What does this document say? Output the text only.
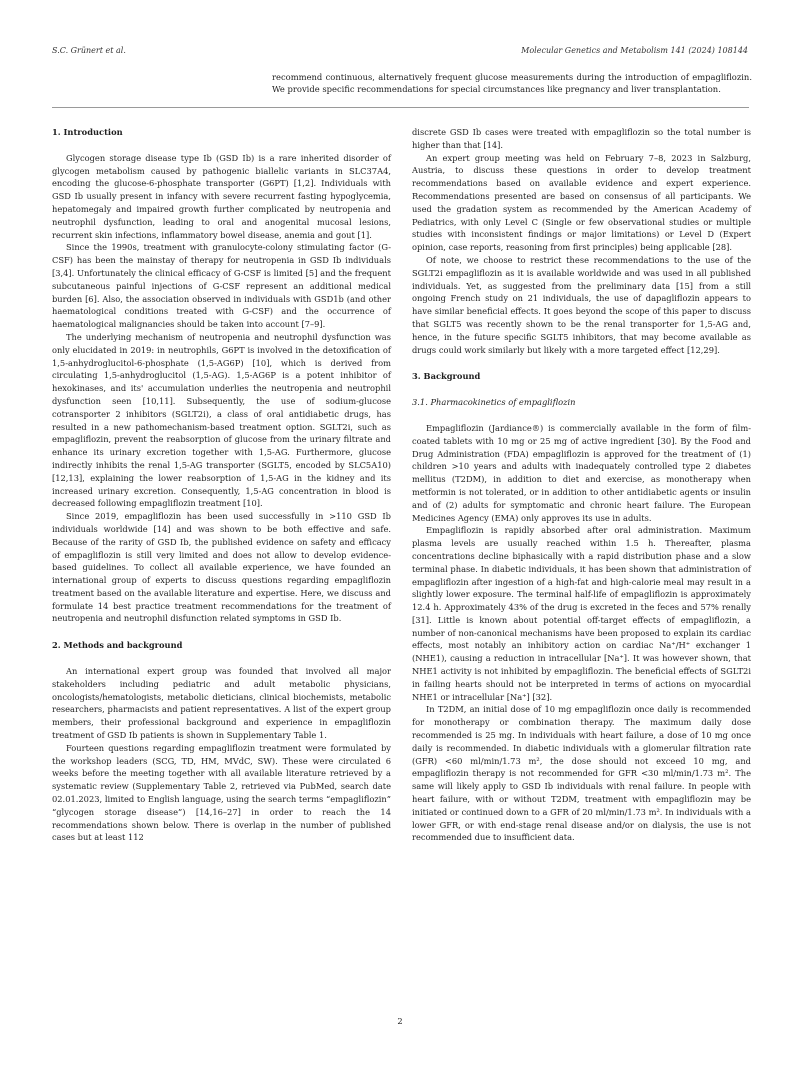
S.C. Grünert et al.	Molecular Genetics and Metabolism 141 (2024) 108144
recommend continuous, alternatively frequent glucose measurements during the introduction of empagliflozin. We provide specific recommendations for special circumstances like pregnancy and liver transplantation.
1. Introduction

Glycogen storage disease type Ib (GSD Ib) is a rare inherited disorder of glycogen metabolism caused by pathogenic biallelic variants in SLC37A4, encoding the glucose-6-phosphate transporter (G6PT) [1,2]. Individuals with GSD Ib usually present in infancy with severe recurrent fasting hypoglycemia, hepatomegaly and impaired growth further complicated by neutropenia and neutrophil dysfunction, leading to oral and anogenital mucosal lesions, recurrent skin infections, inflammatory bowel disease, anemia and gout [1].

Since the 1990s, treatment with granulocyte-colony stimulating factor (G-CSF) has been the mainstay of therapy for neutropenia in GSD Ib individuals [3,4]. Unfortunately the clinical efficacy of G-CSF is limited [5] and the frequent subcutaneous painful injections of G-CSF represent an additional medical burden [6]. Also, the association observed in individuals with GSD1b (and other haematological conditions treated with G-CSF) and the occurrence of haematological malignancies should be taken into account [7–9].

The underlying mechanism of neutropenia and neutrophil dysfunction was only elucidated in 2019: in neutrophils, G6PT is involved in the detoxification of 1,5-anhydroglucitol-6-phosphate (1,5-AG6P) [10], which is derived from circulating 1,5-anhydroglucitol (1,5-AG). 1,5-AG6P is a potent inhibitor of hexokinases, and its' accumulation underlies the neutropenia and neutrophil dysfunction seen [10,11]. Subsequently, the use of sodium-glucose cotransporter 2 inhibitors (SGLT2i), a class of oral antidiabetic drugs, has resulted in a new pathomechanism-based treatment option. SGLT2i, such as empagliflozin, prevent the reabsorption of glucose from the urinary filtrate and enhance its urinary excretion together with 1,5-AG. Furthermore, glucose indirectly inhibits the renal 1,5-AG transporter (SGLT5, encoded by SLC5A10) [12,13], explaining the lower reabsorption of 1,5-AG in the kidney and its increased urinary excretion. Consequently, 1,5-AG concentration in blood is decreased following empagliflozin treatment [10].

Since 2019, empagliflozin has been used successfully in >110 GSD Ib individuals worldwide [14] and was shown to be both effective and safe. Because of the rarity of GSD Ib, the published evidence on safety and efficacy of empagliflozin is still very limited and does not allow to develop evidence-based guidelines. To collect all available experience, we have founded an international group of experts to discuss questions regarding empagliflozin treatment based on the available literature and expertise. Here, we discuss and formulate 14 best practice treatment recommendations for the treatment of neutropenia and neutrophil disfunction related symptoms in GSD Ib.

2. Methods and background

An international expert group was founded that involved all major stakeholders including pediatric and adult metabolic physicians, oncologists/hematologists, metabolic dieticians, clinical biochemists, metabolic researchers, pharmacists and patient representatives. A list of the expert group members, their professional background and experience in empagliflozin treatment of GSD Ib patients is shown in Supplementary Table 1.

Fourteen questions regarding empagliflozin treatment were formulated by the workshop leaders (SCG, TD, HM, MVdC, SW). These were circulated 6 weeks before the meeting together with all available literature retrieved by a systematic review (Supplementary Table 2, retrieved via PubMed, search date 02.01.2023, limited to English language, using the search terms “empagliflozin” “glycogen storage disease”) [14,16–27] in order to reach the 14 recommendations shown below. There is overlap in the number of published cases but at least 112

discrete GSD Ib cases were treated with empagliflozin so the total number is higher than that [14].

An expert group meeting was held on February 7–8, 2023 in Salzburg, Austria, to discuss these questions in order to develop treatment recommendations based on available evidence and expert experience. Recommendations presented are based on consensus of all participants. We used the gradation system as recommended by the American Academy of Pediatrics, with only Level C (Single or few observational studies or multiple studies with inconsistent findings or major limitations) or Level D (Expert opinion, case reports, reasoning from first principles) being applicable [28].

Of note, we choose to restrict these recommendations to the use of the SGLT2i empagliflozin as it is available worldwide and was used in all published individuals. Yet, as suggested from the preliminary data [15] from a still ongoing French study on 21 individuals, the use of dapagliflozin appears to have similar beneficial effects. It goes beyond the scope of this paper to discuss that SGLT5 was recently shown to be the renal transporter for 1,5-AG and, hence, in the future specific SGLT5 inhibitors, that may become available as drugs could work similarly but likely with a more targeted effect [12,29].

3. Background
3.1. Pharmacokinetics of empagliflozin

Empagliflozin (Jardiance®) is commercially available in the form of film-coated tablets with 10 mg or 25 mg of active ingredient [30]. By the Food and Drug Administration (FDA) empagliflozin is approved for the treatment of (1) children >10 years and adults with inadequately controlled type 2 diabetes mellitus (T2DM), in addition to diet and exercise, as monotherapy when metformin is not tolerated, or in addition to other antidiabetic agents or insulin and of (2) adults for symptomatic and chronic heart failure. The European Medicines Agency (EMA) only approves its use in adults.

Empagliflozin is rapidly absorbed after oral administration. Maximum plasma levels are usually reached within 1.5 h. Thereafter, plasma concentrations decline biphasically with a rapid distribution phase and a slow terminal phase. In diabetic individuals, it has been shown that administration of empagliflozin after ingestion of a high-fat and high-calorie meal may result in a slightly lower exposure. The terminal half-life of empagliflozin is approximately 12.4 h. Approximately 43% of the drug is excreted in the feces and 57% renally [31]. Little is known about potential off-target effects of empagliflozin, a number of non-canonical mechanisms have been proposed to explain its cardiac effects, most notably an inhibitory action on cardiac Na⁺/H⁺ exchanger 1 (NHE1), causing a reduction in intracellular [Na⁺]. It was however shown, that NHE1 activity is not inhibited by empagliflozin. The beneficial effects of SGLT2i in failing hearts should not be interpreted in terms of actions on myocardial NHE1 or intracellular [Na⁺] [32].

In T2DM, an initial dose of 10 mg empagliflozin once daily is recommended for monotherapy or combination therapy. The maximum daily dose recommended is 25 mg. In individuals with heart failure, a dose of 10 mg once daily is recommended. In diabetic individuals with a glomerular filtration rate (GFR) <60 ml/min/1.73 m², the dose should not exceed 10 mg, and empagliflozin therapy is not recommended for GFR <30 ml/min/1.73 m². The same will likely apply to GSD Ib individuals with renal failure. In people with heart failure, with or without T2DM, treatment with empagliflozin may be initiated or continued down to a GFR of 20 ml/min/1.73 m². In individuals with a lower GFR, or with end-stage renal disease and/or on dialysis, the use is not recommended due to insufficient data.

2
